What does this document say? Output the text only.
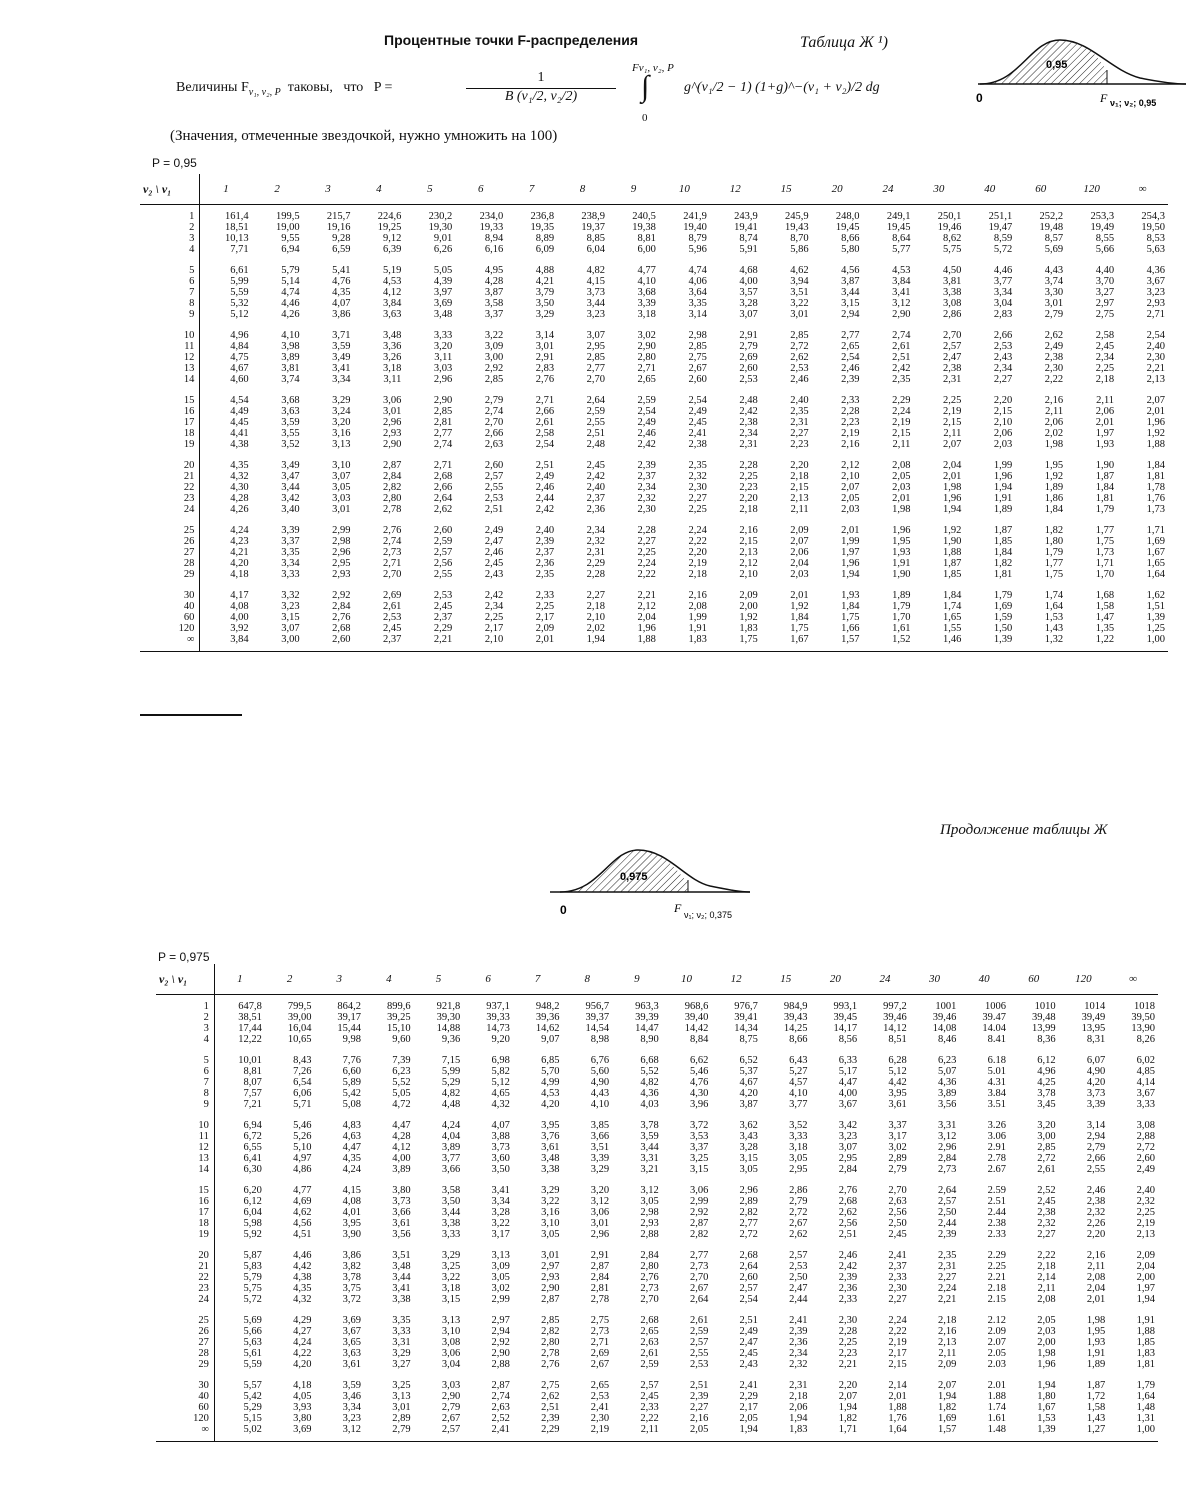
Процентные точки F-распределения	Таблица Ж ¹)
Величины $F_{\nu_1, \nu_2, P}$  таковы,   что   P =	$\frac{1}{\text{B (ν₁/2, ν₂/2)}}$
Fν₁, ν₂, P
∫
0
g^(ν₁/2 − 1) (1+g)^−(ν₁ + ν₂)/2 dg
(Значения, отмеченные звездочкой, нужно умножить на 100)
0,95
0	F ν₁; ν₂; 0,95
P = 0,95
ν₂ \ ν₁	1	2	3	4	5	6	7	8	9	10	12	15	20	24	30	40	60	120	∞
1	161,4	199,5	215,7	224,6	230,2	234,0	236,8	238,9	240,5	241,9	243,9	245,9	248,0	249,1	250,1	251,1	252,2	253,3	254,3
2	18,51	19,00	19,16	19,25	19,30	19,33	19,35	19,37	19,38	19,40	19,41	19,43	19,45	19,45	19,46	19,47	19,48	19,49	19,50
3	10,13	9,55	9,28	9,12	9,01	8,94	8,89	8,85	8,81	8,79	8,74	8,70	8,66	8,64	8,62	8,59	8,57	8,55	8,53
4	7,71	6,94	6,59	6,39	6,26	6,16	6,09	6,04	6,00	5,96	5,91	5,86	5,80	5,77	5,75	5,72	5,69	5,66	5,63
5	6,61	5,79	5,41	5,19	5,05	4,95	4,88	4,82	4,77	4,74	4,68	4,62	4,56	4,53	4,50	4,46	4,43	4,40	4,36
6	5,99	5,14	4,76	4,53	4,39	4,28	4,21	4,15	4,10	4,06	4,00	3,94	3,87	3,84	3,81	3,77	3,74	3,70	3,67
7	5,59	4,74	4,35	4,12	3,97	3,87	3,79	3,73	3,68	3,64	3,57	3,51	3,44	3,41	3,38	3,34	3,30	3,27	3,23
8	5,32	4,46	4,07	3,84	3,69	3,58	3,50	3,44	3,39	3,35	3,28	3,22	3,15	3,12	3,08	3,04	3,01	2,97	2,93
9	5,12	4,26	3,86	3,63	3,48	3,37	3,29	3,23	3,18	3,14	3,07	3,01	2,94	2,90	2,86	2,83	2,79	2,75	2,71
10	4,96	4,10	3,71	3,48	3,33	3,22	3,14	3,07	3,02	2,98	2,91	2,85	2,77	2,74	2,70	2,66	2,62	2,58	2,54
11	4,84	3,98	3,59	3,36	3,20	3,09	3,01	2,95	2,90	2,85	2,79	2,72	2,65	2,61	2,57	2,53	2,49	2,45	2,40
12	4,75	3,89	3,49	3,26	3,11	3,00	2,91	2,85	2,80	2,75	2,69	2,62	2,54	2,51	2,47	2,43	2,38	2,34	2,30
13	4,67	3,81	3,41	3,18	3,03	2,92	2,83	2,77	2,71	2,67	2,60	2,53	2,46	2,42	2,38	2,34	2,30	2,25	2,21
14	4,60	3,74	3,34	3,11	2,96	2,85	2,76	2,70	2,65	2,60	2,53	2,46	2,39	2,35	2,31	2,27	2,22	2,18	2,13
15	4,54	3,68	3,29	3,06	2,90	2,79	2,71	2,64	2,59	2,54	2,48	2,40	2,33	2,29	2,25	2,20	2,16	2,11	2,07
16	4,49	3,63	3,24	3,01	2,85	2,74	2,66	2,59	2,54	2,49	2,42	2,35	2,28	2,24	2,19	2,15	2,11	2,06	2,01
17	4,45	3,59	3,20	2,96	2,81	2,70	2,61	2,55	2,49	2,45	2,38	2,31	2,23	2,19	2,15	2,10	2,06	2,01	1,96
18	4,41	3,55	3,16	2,93	2,77	2,66	2,58	2,51	2,46	2,41	2,34	2,27	2,19	2,15	2,11	2,06	2,02	1,97	1,92
19	4,38	3,52	3,13	2,90	2,74	2,63	2,54	2,48	2,42	2,38	2,31	2,23	2,16	2,11	2,07	2,03	1,98	1,93	1,88
20	4,35	3,49	3,10	2,87	2,71	2,60	2,51	2,45	2,39	2,35	2,28	2,20	2,12	2,08	2,04	1,99	1,95	1,90	1,84
21	4,32	3,47	3,07	2,84	2,68	2,57	2,49	2,42	2,37	2,32	2,25	2,18	2,10	2,05	2,01	1,96	1,92	1,87	1,81
22	4,30	3,44	3,05	2,82	2,66	2,55	2,46	2,40	2,34	2,30	2,23	2,15	2,07	2,03	1,98	1,94	1,89	1,84	1,78
23	4,28	3,42	3,03	2,80	2,64	2,53	2,44	2,37	2,32	2,27	2,20	2,13	2,05	2,01	1,96	1,91	1,86	1,81	1,76
24	4,26	3,40	3,01	2,78	2,62	2,51	2,42	2,36	2,30	2,25	2,18	2,11	2,03	1,98	1,94	1,89	1,84	1,79	1,73
25	4,24	3,39	2,99	2,76	2,60	2,49	2,40	2,34	2,28	2,24	2,16	2,09	2,01	1,96	1,92	1,87	1,82	1,77	1,71
26	4,23	3,37	2,98	2,74	2,59	2,47	2,39	2,32	2,27	2,22	2,15	2,07	1,99	1,95	1,90	1,85	1,80	1,75	1,69
27	4,21	3,35	2,96	2,73	2,57	2,46	2,37	2,31	2,25	2,20	2,13	2,06	1,97	1,93	1,88	1,84	1,79	1,73	1,67
28	4,20	3,34	2,95	2,71	2,56	2,45	2,36	2,29	2,24	2,19	2,12	2,04	1,96	1,91	1,87	1,82	1,77	1,71	1,65
29	4,18	3,33	2,93	2,70	2,55	2,43	2,35	2,28	2,22	2,18	2,10	2,03	1,94	1,90	1,85	1,81	1,75	1,70	1,64
30	4,17	3,32	2,92	2,69	2,53	2,42	2,33	2,27	2,21	2,16	2,09	2,01	1,93	1,89	1,84	1,79	1,74	1,68	1,62
40	4,08	3,23	2,84	2,61	2,45	2,34	2,25	2,18	2,12	2,08	2,00	1,92	1,84	1,79	1,74	1,69	1,64	1,58	1,51
60	4,00	3,15	2,76	2,53	2,37	2,25	2,17	2,10	2,04	1,99	1,92	1,84	1,75	1,70	1,65	1,59	1,53	1,47	1,39
120	3,92	3,07	2,68	2,45	2,29	2,17	2,09	2,02	1,96	1,91	1,83	1,75	1,66	1,61	1,55	1,50	1,43	1,35	1,25
∞	3,84	3,00	2,60	2,37	2,21	2,10	2,01	1,94	1,88	1,83	1,75	1,67	1,57	1,52	1,46	1,39	1,32	1,22	1,00
Продолжение таблицы Ж
0,975
0	F ν₁; ν₂; 0,375
P = 0,975
ν₂ \ ν₁	1	2	3	4	5	6	7	8	9	10	12	15	20	24	30	40	60	120	∞
1	647,8	799,5	864,2	899,6	921,8	937,1	948,2	956,7	963,3	968,6	976,7	984,9	993,1	997,2	1001	1006	1010	1014	1018
2	38,51	39,00	39,17	39,25	39,30	39,33	39,36	39,37	39,39	39,40	39,41	39,43	39,45	39,46	39,46	39.47	39,48	39,49	39,50
3	17,44	16,04	15,44	15,10	14,88	14,73	14,62	14,54	14,47	14,42	14,34	14,25	14,17	14,12	14,08	14.04	13,99	13,95	13,90
4	12,22	10,65	9,98	9,60	9,36	9,20	9,07	8,98	8,90	8,84	8,75	8,66	8,56	8,51	8,46	8.41	8,36	8,31	8,26
5	10,01	8,43	7,76	7,39	7,15	6,98	6,85	6,76	6,68	6,62	6,52	6,43	6,33	6,28	6,23	6.18	6,12	6,07	6,02
6	8,81	7,26	6,60	6,23	5,99	5,82	5,70	5,60	5,52	5,46	5,37	5,27	5,17	5,12	5,07	5.01	4,96	4,90	4,85
7	8,07	6,54	5,89	5,52	5,29	5,12	4,99	4,90	4,82	4,76	4,67	4,57	4,47	4,42	4,36	4.31	4,25	4,20	4,14
8	7,57	6,06	5,42	5,05	4,82	4,65	4,53	4,43	4,36	4,30	4,20	4,10	4,00	3,95	3,89	3.84	3,78	3,73	3,67
9	7,21	5,71	5,08	4,72	4,48	4,32	4,20	4,10	4,03	3,96	3,87	3,77	3,67	3,61	3,56	3.51	3,45	3,39	3,33
10	6,94	5,46	4,83	4,47	4,24	4,07	3,95	3,85	3,78	3,72	3,62	3,52	3,42	3,37	3,31	3.26	3,20	3,14	3,08
11	6,72	5,26	4,63	4,28	4,04	3,88	3,76	3,66	3,59	3,53	3,43	3,33	3,23	3,17	3,12	3.06	3,00	2,94	2,88
12	6,55	5,10	4,47	4,12	3,89	3,73	3,61	3,51	3,44	3,37	3,28	3,18	3,07	3,02	2,96	2.91	2,85	2,79	2,72
13	6,41	4,97	4,35	4,00	3,77	3,60	3,48	3,39	3,31	3,25	3,15	3,05	2,95	2,89	2,84	2.78	2,72	2,66	2,60
14	6,30	4,86	4,24	3,89	3,66	3,50	3,38	3,29	3,21	3,15	3,05	2,95	2,84	2,79	2,73	2.67	2,61	2,55	2,49
15	6,20	4,77	4,15	3,80	3,58	3,41	3,29	3,20	3,12	3,06	2,96	2,86	2,76	2,70	2,64	2.59	2,52	2,46	2,40
16	6,12	4,69	4,08	3,73	3,50	3,34	3,22	3,12	3,05	2,99	2,89	2,79	2,68	2,63	2,57	2.51	2,45	2,38	2,32
17	6,04	4,62	4,01	3,66	3,44	3,28	3,16	3,06	2,98	2,92	2,82	2,72	2,62	2,56	2,50	2.44	2,38	2,32	2,25
18	5,98	4,56	3,95	3,61	3,38	3,22	3,10	3,01	2,93	2,87	2,77	2,67	2,56	2,50	2,44	2.38	2,32	2,26	2,19
19	5,92	4,51	3,90	3,56	3,33	3,17	3,05	2,96	2,88	2,82	2,72	2,62	2,51	2,45	2,39	2.33	2,27	2,20	2,13
20	5,87	4,46	3,86	3,51	3,29	3,13	3,01	2,91	2,84	2,77	2,68	2,57	2,46	2,41	2,35	2.29	2,22	2,16	2,09
21	5,83	4,42	3,82	3,48	3,25	3,09	2,97	2,87	2,80	2,73	2,64	2,53	2,42	2,37	2,31	2.25	2,18	2,11	2,04
22	5,79	4,38	3,78	3,44	3,22	3,05	2,93	2,84	2,76	2,70	2,60	2,50	2,39	2,33	2,27	2.21	2,14	2,08	2,00
23	5,75	4,35	3,75	3,41	3,18	3,02	2,90	2,81	2,73	2,67	2,57	2,47	2,36	2,30	2,24	2.18	2,11	2,04	1,97
24	5,72	4,32	3,72	3,38	3,15	2,99	2,87	2,78	2,70	2,64	2,54	2,44	2,33	2,27	2,21	2.15	2,08	2,01	1,94
25	5,69	4,29	3,69	3,35	3,13	2,97	2,85	2,75	2,68	2,61	2,51	2,41	2,30	2,24	2,18	2.12	2,05	1,98	1,91
26	5,66	4,27	3,67	3,33	3,10	2,94	2,82	2,73	2,65	2,59	2,49	2,39	2,28	2,22	2,16	2.09	2,03	1,95	1,88
27	5,63	4,24	3,65	3,31	3,08	2,92	2,80	2,71	2,63	2,57	2,47	2,36	2,25	2,19	2,13	2.07	2,00	1,93	1,85
28	5,61	4,22	3,63	3,29	3,06	2,90	2,78	2,69	2,61	2,55	2,45	2,34	2,23	2,17	2,11	2.05	1,98	1,91	1,83
29	5,59	4,20	3,61	3,27	3,04	2,88	2,76	2,67	2,59	2,53	2,43	2,32	2,21	2,15	2,09	2.03	1,96	1,89	1,81
30	5,57	4,18	3,59	3,25	3,03	2,87	2,75	2,65	2,57	2,51	2,41	2,31	2,20	2,14	2,07	2.01	1,94	1,87	1,79
40	5,42	4,05	3,46	3,13	2,90	2,74	2,62	2,53	2,45	2,39	2,29	2,18	2,07	2,01	1,94	1.88	1,80	1,72	1,64
60	5,29	3,93	3,34	3,01	2,79	2,63	2,51	2,41	2,33	2,27	2,17	2,06	1,94	1,88	1,82	1.74	1,67	1,58	1,48
120	5,15	3,80	3,23	2,89	2,67	2,52	2,39	2,30	2,22	2,16	2,05	1,94	1,82	1,76	1,69	1.61	1,53	1,43	1,31
∞	5,02	3,69	3,12	2,79	2,57	2,41	2,29	2,19	2,11	2,05	1,94	1,83	1,71	1,64	1,57	1.48	1,39	1,27	1,00
